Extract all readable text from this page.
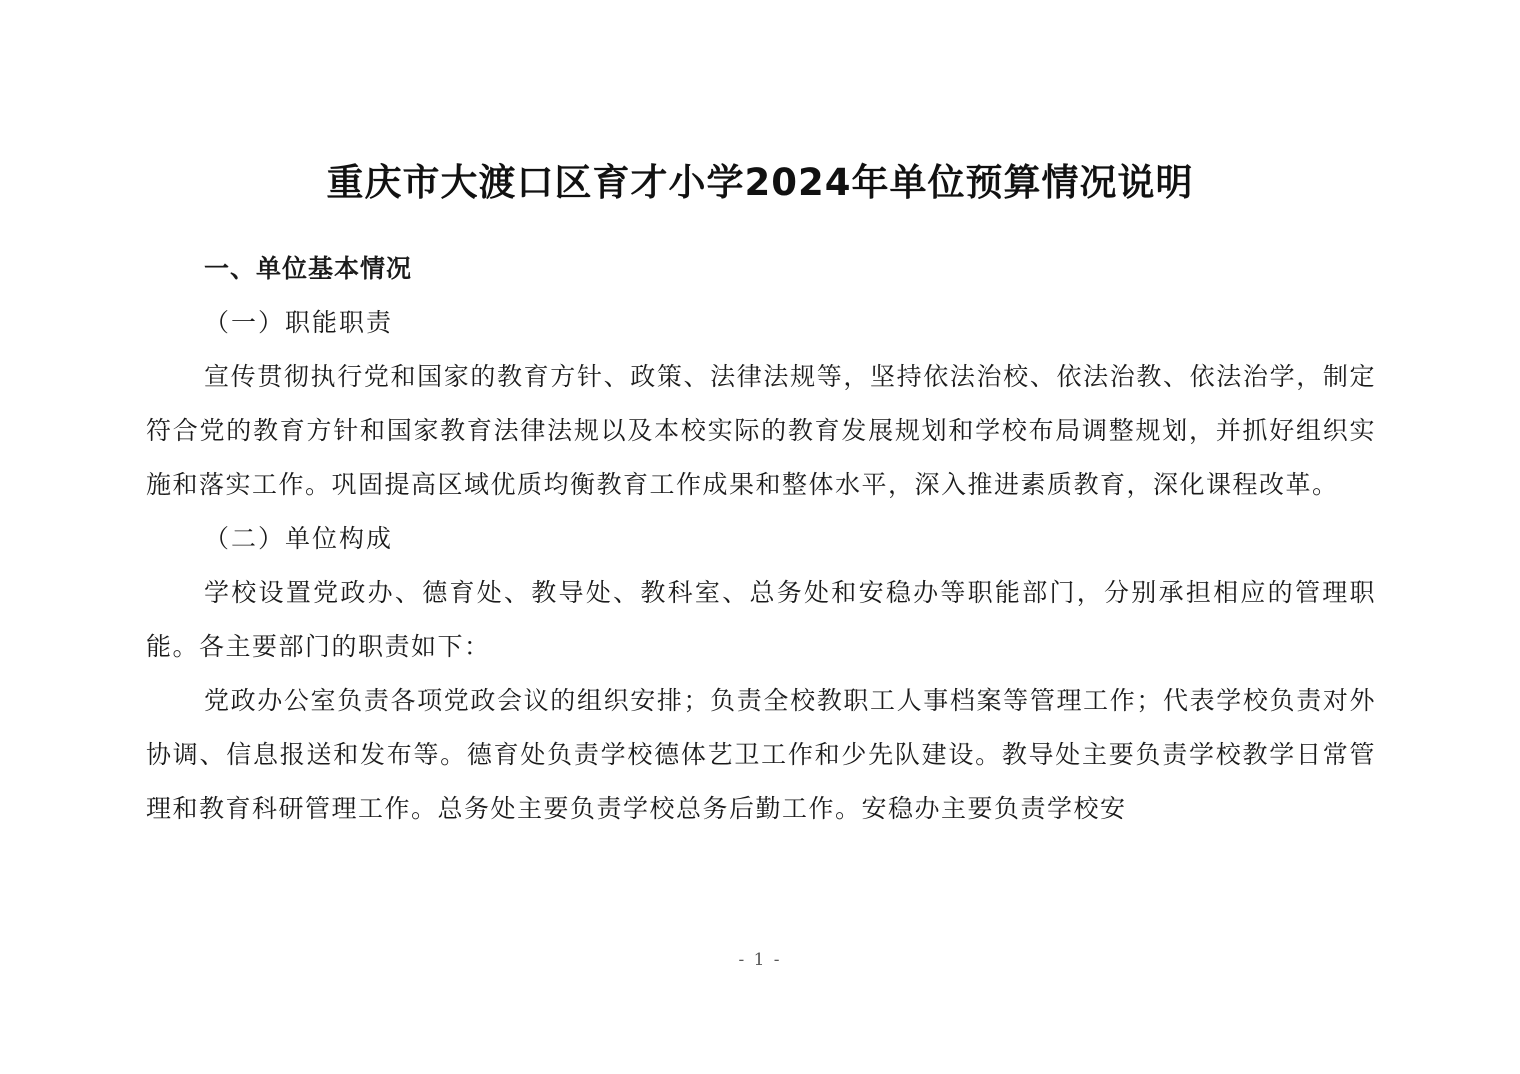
重庆市大渡口区育才小学2024年单位预算情况说明

一、单位基本情况

（一）职能职责

宣传贯彻执行党和国家的教育方针、政策、法律法规等，坚持依法治校、依法治教、依法治学，制定符合党的教育方针和国家教育法律法规以及本校实际的教育发展规划和学校布局调整规划，并抓好组织实施和落实工作。巩固提高区域优质均衡教育工作成果和整体水平，深入推进素质教育，深化课程改革。

（二）单位构成

学校设置党政办、德育处、教导处、教科室、总务处和安稳办等职能部门，分别承担相应的管理职能。各主要部门的职责如下：

党政办公室负责各项党政会议的组织安排；负责全校教职工人事档案等管理工作；代表学校负责对外协调、信息报送和发布等。德育处负责学校德体艺卫工作和少先队建设。教导处主要负责学校教学日常管理和教育科研管理工作。总务处主要负责学校总务后勤工作。安稳办主要负责学校安

- 1 -
